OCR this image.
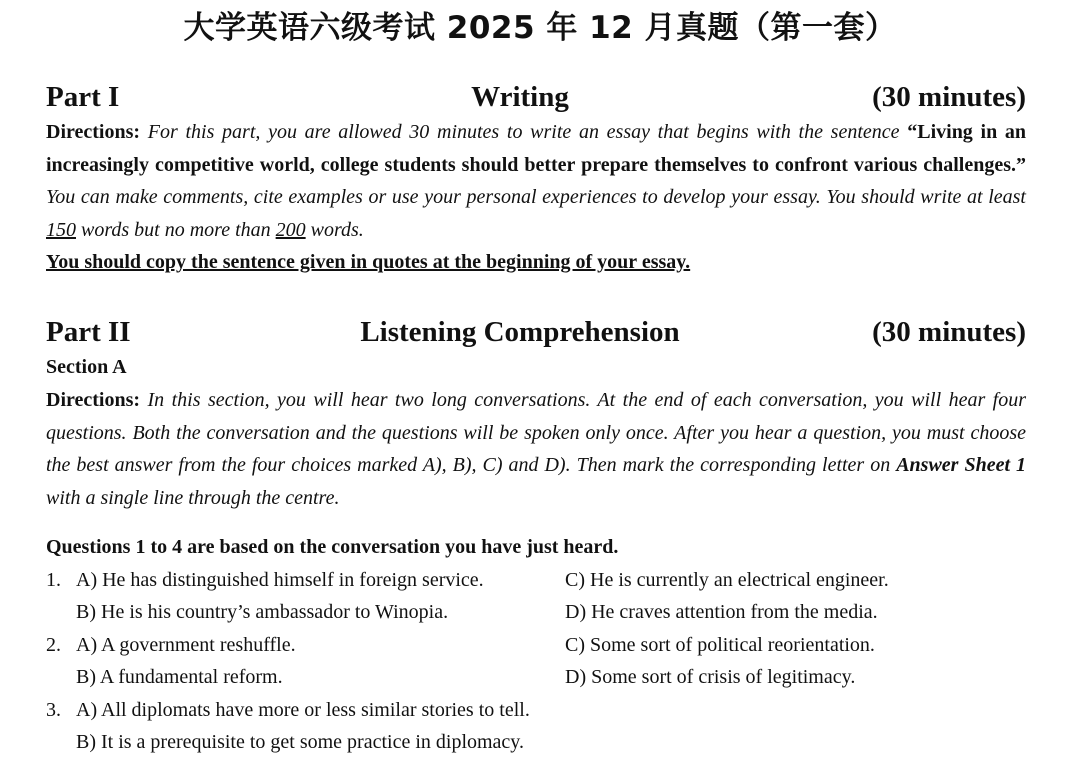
大学英语六级考试 2025 年 12 月真题（第一套）
Part I	Writing	(30 minutes)
Directions: For this part, you are allowed 30 minutes to write an essay that begins with the sentence “Living in an increasingly competitive world, college students should better prepare themselves to confront various challenges.” You can make comments, cite examples or use your personal experiences to develop your essay. You should write at least 150 words but no more than 200 words.
You should copy the sentence given in quotes at the beginning of your essay.
Part II	Listening Comprehension	(30 minutes)
Section A
Directions: In this section, you will hear two long conversations. At the end of each conversation, you will hear four questions. Both the conversation and the questions will be spoken only once. After you hear a question, you must choose the best answer from the four choices marked A), B), C) and D). Then mark the corresponding letter on Answer Sheet 1 with a single line through the centre.
Questions 1 to 4 are based on the conversation you have just heard.
1. A) He has distinguished himself in foreign service.	C) He is currently an electrical engineer.
B) He is his country’s ambassador to Winopia.	D) He craves attention from the media.
2. A) A government reshuffle.	C) Some sort of political reorientation.
B) A fundamental reform.	D) Some sort of crisis of legitimacy.
3. A) All diplomats have more or less similar stories to tell.
B) It is a prerequisite to get some practice in diplomacy.
